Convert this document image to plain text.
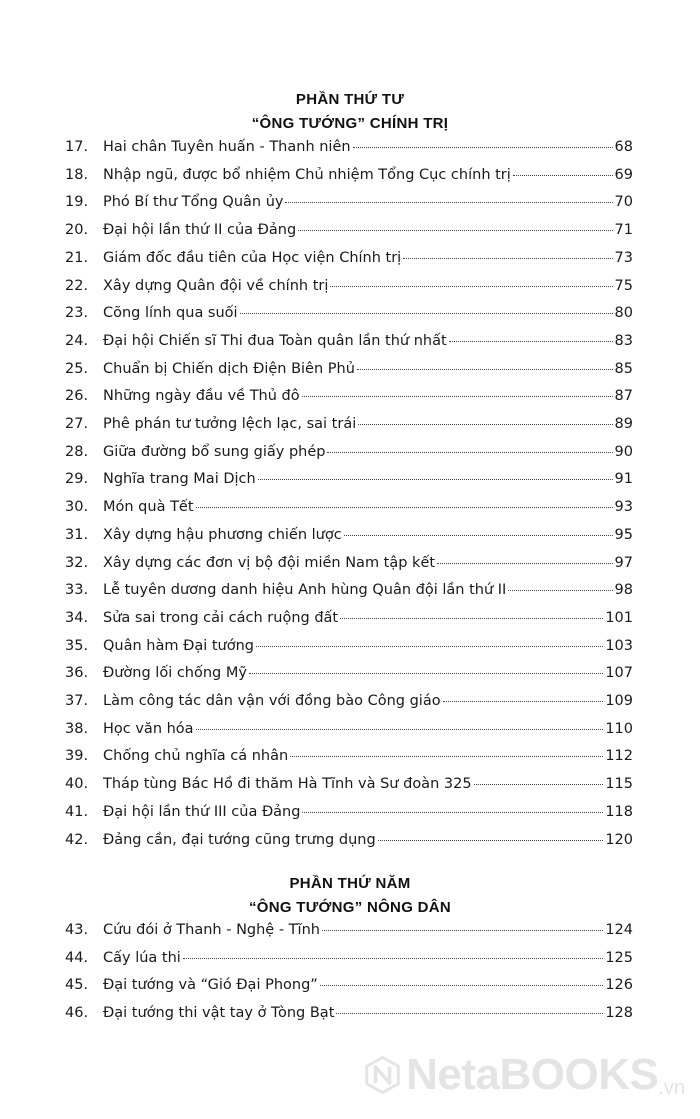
PHẦN THỨ TƯ
“ÔNG TƯỚNG” CHÍNH TRỊ
17.	Hai chân Tuyên huấn - Thanh niên	68
18.	Nhập ngũ, được bổ nhiệm Chủ nhiệm Tổng Cục chính trị	69
19.	Phó Bí thư Tổng Quân ủy	70
20.	Đại hội lần thứ II của Đảng	71
21.	Giám đốc đầu tiên của Học viện Chính trị	73
22.	Xây dựng Quân đội về chính trị	75
23.	Cõng lính qua suối	80
24.	Đại hội Chiến sĩ Thi đua Toàn quân lần thứ nhất	83
25.	Chuẩn bị Chiến dịch Điện Biên Phủ	85
26.	Những ngày đầu về Thủ đô	87
27.	Phê phán tư tưởng lệch lạc, sai trái	89
28.	Giữa đường bổ sung giấy phép	90
29.	Nghĩa trang Mai Dịch	91
30.	Món quà Tết	93
31.	Xây dựng hậu phương chiến lược	95
32.	Xây dựng các đơn vị bộ đội miền Nam tập kết	97
33.	Lễ tuyên dương danh hiệu Anh hùng Quân đội lần thứ II	98
34.	Sửa sai trong cải cách ruộng đất	101
35.	Quân hàm Đại tướng	103
36.	Đường lối chống Mỹ	107
37.	Làm công tác dân vận với đồng bào Công giáo	109
38.	Học văn hóa	110
39.	Chống chủ nghĩa cá nhân	112
40.	Tháp tùng Bác Hồ đi thăm Hà Tĩnh và Sư đoàn 325	115
41.	Đại hội lần thứ III của Đảng	118
42.	Đảng cần, đại tướng cũng trưng dụng	120
PHẦN THỨ NĂM
“ÔNG TƯỚNG” NÔNG DÂN
43.	Cứu đói ở Thanh - Nghệ - Tĩnh	124
44.	Cấy lúa thi	125
45.	Đại tướng và “Gió Đại Phong”	126
46.	Đại tướng thi vật tay ở Tòng Bạt	128
NetaBOOKS .vn
